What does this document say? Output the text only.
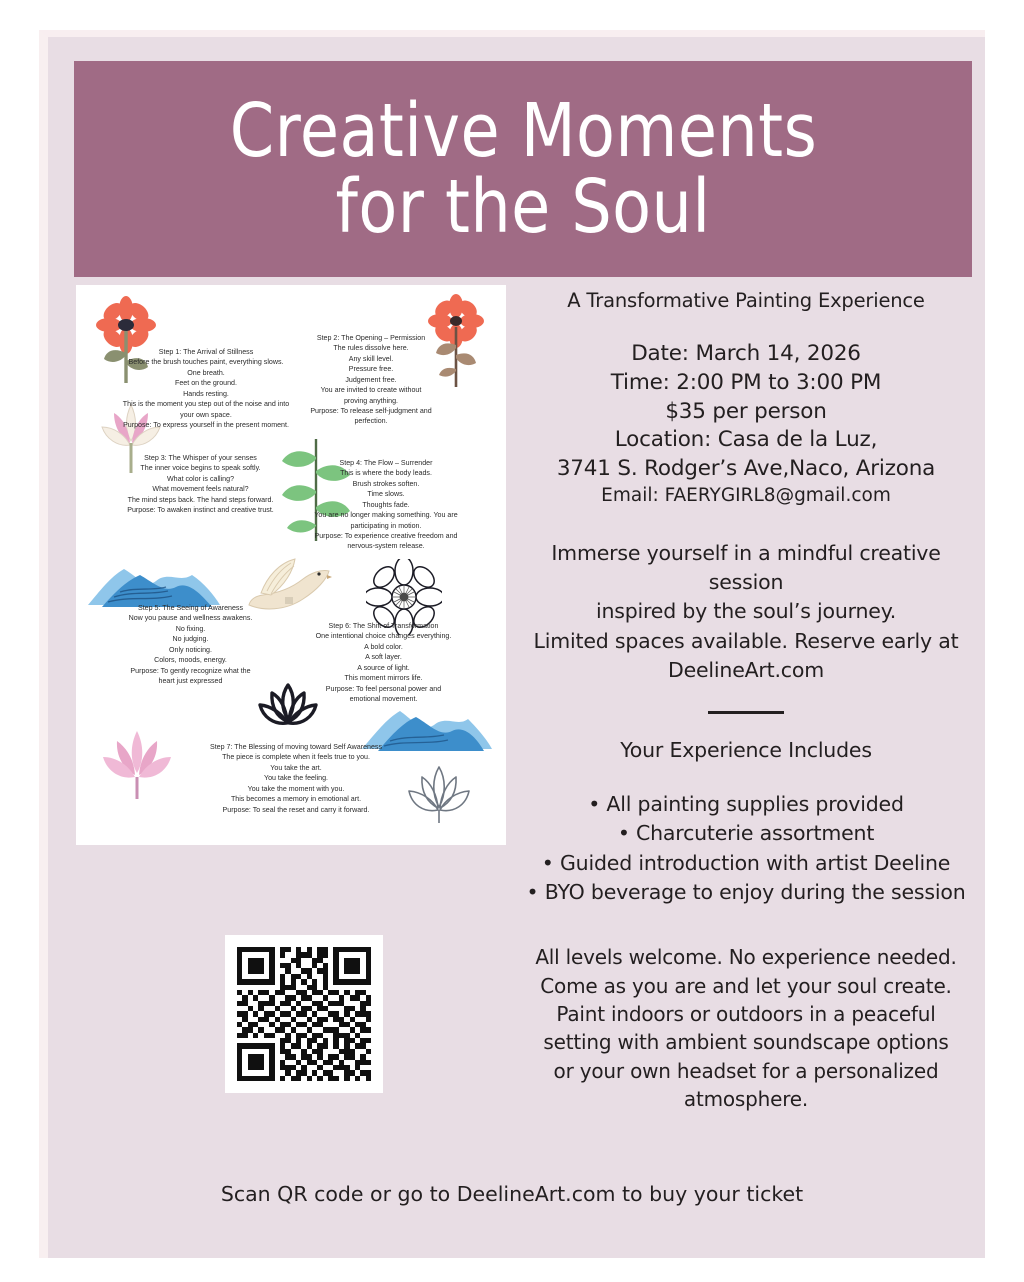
Creative Moments
for the Soul
Step 1: The Arrival of Stillness
Before the brush touches paint, everything slows.
One breath.
Feet on the ground.
Hands resting.
This is the moment you step out of the noise and into
your own space.
Purpose: To express yourself in the present moment.
Step 2: The Opening – Permission
The rules dissolve here.
Any skill level.
Pressure free.
Judgement free.
You are invited to create without
proving anything.
Purpose: To release self-judgment and
perfection.
Step 3: The Whisper of your senses
The inner voice begins to speak softly.
What color is calling?
What movement feels natural?
The mind steps back. The hand steps forward.
Purpose: To awaken instinct and creative trust.
Step 4: The Flow – Surrender
This is where the body leads.
Brush strokes soften.
Time slows.
Thoughts fade.
You are no longer making something. You are
participating in motion.
Purpose: To experience creative freedom and
nervous-system release.
Step 5: The Seeing of Awareness
Now you pause and wellness awakens.
No fixing.
No judging.
Only noticing.
Colors, moods, energy.
Purpose: To gently recognize what the
heart just expressed
Step 6: The Shift of Transformation
One intentional choice changes everything.
A bold color.
A soft layer.
A source of light.
This moment mirrors life.
Purpose: To feel personal power and
emotional movement.
Step 7: The Blessing of moving toward Self Awareness
The piece is complete when it feels true to you.
You take the art.
You take the feeling.
You take the moment with you.
This becomes a memory in emotional art.
Purpose: To seal the reset and carry it forward.
A Transformative Painting Experience
Date: March 14, 2026
Time: 2:00 PM to 3:00 PM
$35 per person
Location: Casa de la Luz,
3741 S. Rodger’s Ave,Naco, Arizona
Email: FAERYGIRL8@gmail.com
Immerse yourself in a mindful creative session
inspired by the soul’s journey.
Limited spaces available. Reserve early at
DeelineArt.com
Your Experience Includes
• All painting supplies provided
• Charcuterie assortment
• Guided introduction with artist Deeline
• BYO beverage to enjoy during the session
All levels welcome. No experience needed.
Come as you are and let your soul create.
Paint indoors or outdoors in a peaceful
setting with ambient soundscape options
or your own headset for a personalized
atmosphere.
Scan QR code or go to DeelineArt.com to buy your ticket
